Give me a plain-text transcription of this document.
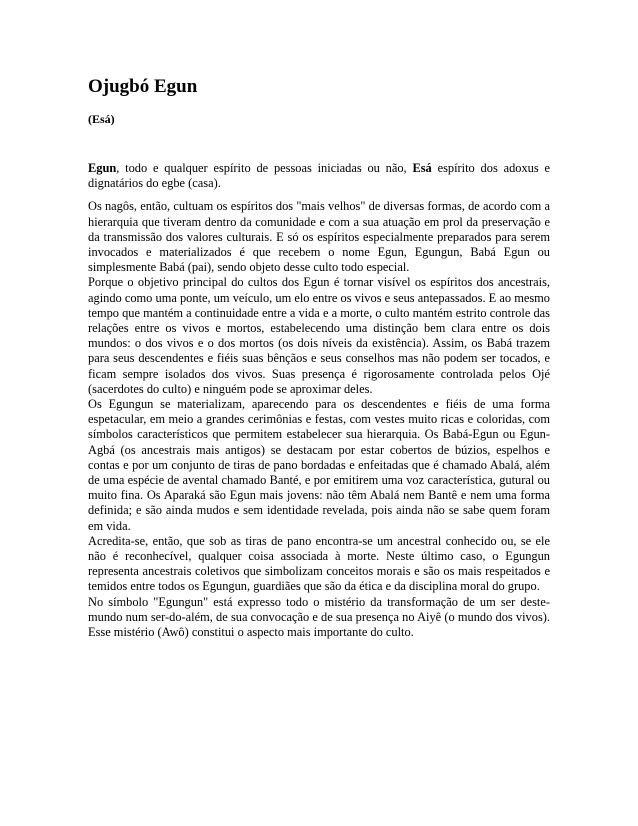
Ojugbó Egun
(Esá)

Egun, todo e qualquer espírito de pessoas iniciadas ou não, Esá espírito dos adoxus e dignatários do egbe (casa).

Os nagôs, então, cultuam os espíritos dos "mais velhos" de diversas formas, de acordo com a hierarquia que tiveram dentro da comunidade e com a sua atuação em prol da preservação e da transmissão dos valores culturais. E só os espíritos especialmente preparados para serem invocados e materializados é que recebem o nome Egun, Egungun, Babá Egun ou simplesmente Babá (pai), sendo objeto desse culto todo especial.

Porque o objetivo principal do cultos dos Egun é tornar visível os espíritos dos ancestrais, agindo como uma ponte, um veículo, um elo entre os vivos e seus antepassados. E ao mesmo tempo que mantém a continuidade entre a vida e a morte, o culto mantém estrito controle das relações entre os vivos e mortos, estabelecendo uma distinção bem clara entre os dois mundos: o dos vivos e o dos mortos (os dois níveis da existência). Assim, os Babá trazem para seus descendentes e fiéis suas bênçãos e seus conselhos mas não podem ser tocados, e ficam sempre isolados dos vivos. Suas presença é rigorosamente controlada pelos Ojé (sacerdotes do culto) e ninguém pode se aproximar deles.

Os Egungun se materializam, aparecendo para os descendentes e fiéis de uma forma espetacular, em meio a grandes cerimônias e festas, com vestes muito ricas e coloridas, com símbolos característicos que permitem estabelecer sua hierarquia. Os Babá-Egun ou Egun-Agbá (os ancestrais mais antigos) se destacam por estar cobertos de búzios, espelhos e contas e por um conjunto de tiras de pano bordadas e enfeitadas que é chamado Abalá, além de uma espécie de avental chamado Banté, e por emitirem uma voz característica, gutural ou muito fina. Os Aparaká são Egun mais jovens: não têm Abalá nem Bantê e nem uma forma definida; e são ainda mudos e sem identidade revelada, pois ainda não se sabe quem foram em vida.

Acredita-se, então, que sob as tiras de pano encontra-se um ancestral conhecido ou, se ele não é reconhecível, qualquer coisa associada à morte. Neste último caso, o Egungun representa ancestrais coletivos que simbolizam conceitos morais e são os mais respeitados e temidos entre todos os Egungun, guardiães que são da ética e da disciplina moral do grupo.

No símbolo "Egungun" está expresso todo o mistério da transformação de um ser deste-mundo num ser-do-além, de sua convocação e de sua presença no Aiyê (o mundo dos vivos). Esse mistério (Awô) constitui o aspecto mais importante do culto.
